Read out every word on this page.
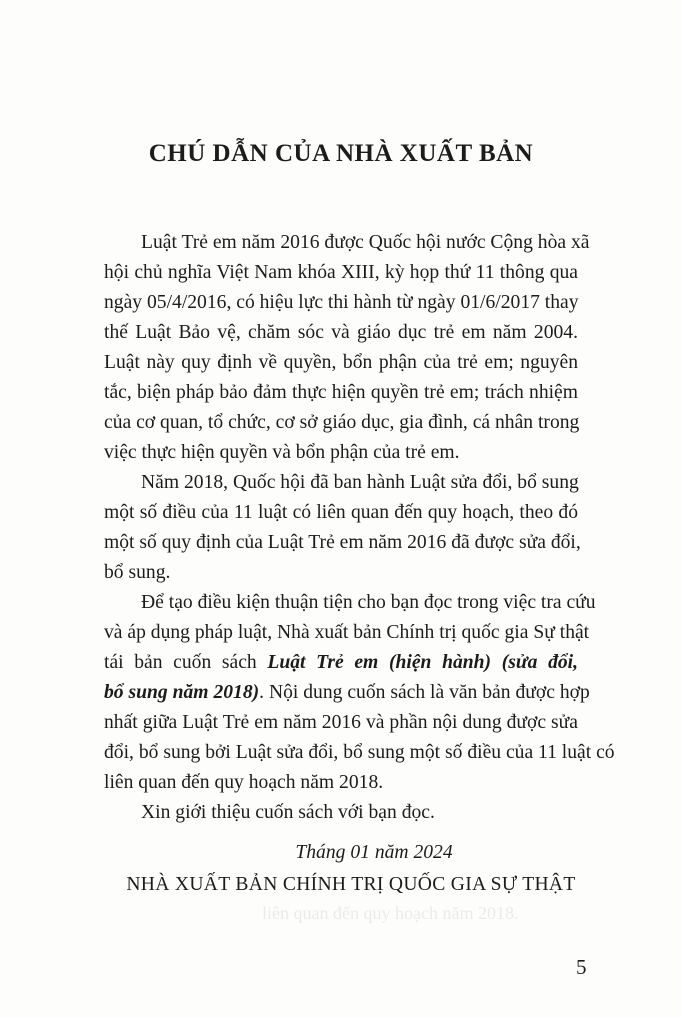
CHÚ DẪN CỦA NHÀ XUẤT BẢN
Luật Trẻ em năm 2016 được Quốc hội nước Cộng hòa xã
hội chủ nghĩa Việt Nam khóa XIII, kỳ họp thứ 11 thông qua
ngày 05/4/2016, có hiệu lực thi hành từ ngày 01/6/2017 thay
thế Luật Bảo vệ, chăm sóc và giáo dục trẻ em năm 2004.
Luật này quy định về quyền, bổn phận của trẻ em; nguyên
tắc, biện pháp bảo đảm thực hiện quyền trẻ em; trách nhiệm
của cơ quan, tổ chức, cơ sở giáo dục, gia đình, cá nhân trong
việc thực hiện quyền và bổn phận của trẻ em.
Năm 2018, Quốc hội đã ban hành Luật sửa đổi, bổ sung
một số điều của 11 luật có liên quan đến quy hoạch, theo đó
một số quy định của Luật Trẻ em năm 2016 đã được sửa đổi,
bổ sung.
Để tạo điều kiện thuận tiện cho bạn đọc trong việc tra cứu
và áp dụng pháp luật, Nhà xuất bản Chính trị quốc gia Sự thật
tái bản cuốn sách Luật Trẻ em (hiện hành) (sửa đổi,
bổ sung năm 2018). Nội dung cuốn sách là văn bản được hợp
nhất giữa Luật Trẻ em năm 2016 và phần nội dung được sửa
đổi, bổ sung bởi Luật sửa đổi, bổ sung một số điều của 11 luật có
liên quan đến quy hoạch năm 2018.
Xin giới thiệu cuốn sách với bạn đọc.
Tháng 01 năm 2024
NHÀ XUẤT BẢN CHÍNH TRỊ QUỐC GIA SỰ THẬT
liên quan đến quy hoạch năm 2018.
5
